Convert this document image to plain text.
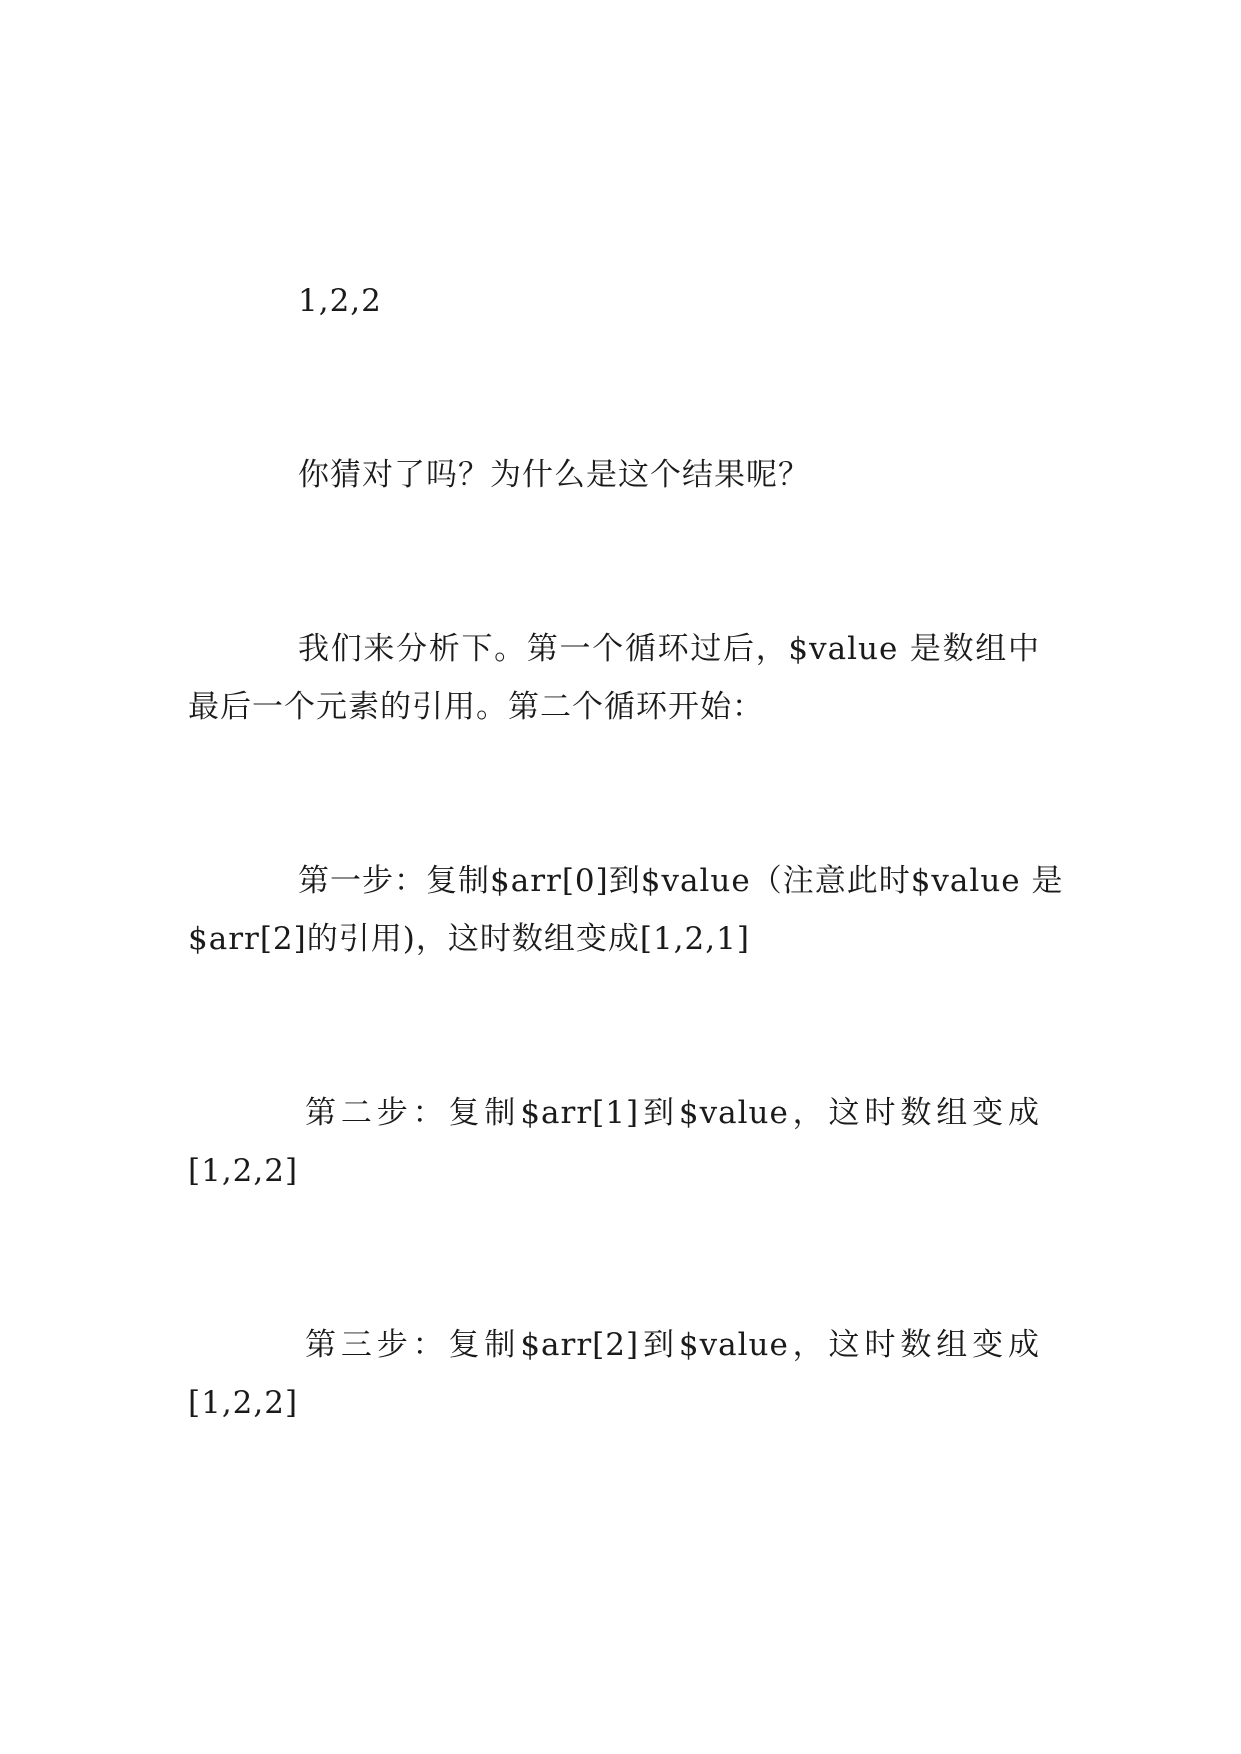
1,2,2
你猜对了吗？为什么是这个结果呢？
我们来分析下。第一个循环过后，$value 是数组中
最后一个元素的引用。第二个循环开始：
第一步：复制$arr[0]到$value（注意此时$value 是
$arr[2]的引用)，这时数组变成[1,2,1]
第二步：复制$arr[1]到$value，这时数组变成
[1,2,2]
第三步：复制$arr[2]到$value，这时数组变成
[1,2,2]
